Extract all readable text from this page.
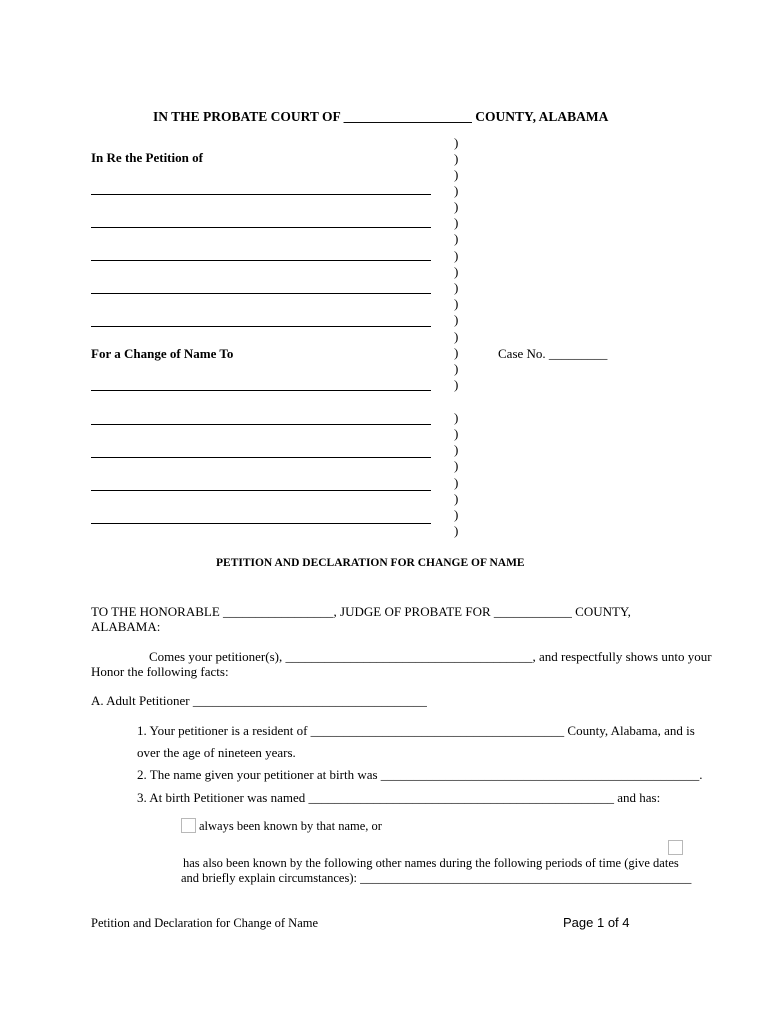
IN THE PROBATE COURT OF ___________________ COUNTY, ALABAMA
)
)
)
)
)
)
)
)
)
)
)
)
)
)
)
)
)
)
)
)
)
)
)
)
In Re the Petition of
For a Change of Name To	Case No. _________
PETITION AND DECLARATION FOR CHANGE OF NAME
TO THE HONORABLE _________________, JUDGE OF PROBATE FOR ____________ COUNTY,
ALABAMA:
Comes your petitioner(s), ______________________________________, and respectfully shows unto your
Honor the following facts:
A. Adult Petitioner ____________________________________
1. Your petitioner is a resident of _______________________________________ County, Alabama, and is
over the age of nineteen years.
2. The name given your petitioner at birth was _________________________________________________.
3. At birth Petitioner was named _______________________________________________ and has:
always been known by that name, or
has also been known by the following other names during the following periods of time (give dates
and briefly explain circumstances): _____________________________________________________
Petition and Declaration for Change of Name	Page 1 of 4
